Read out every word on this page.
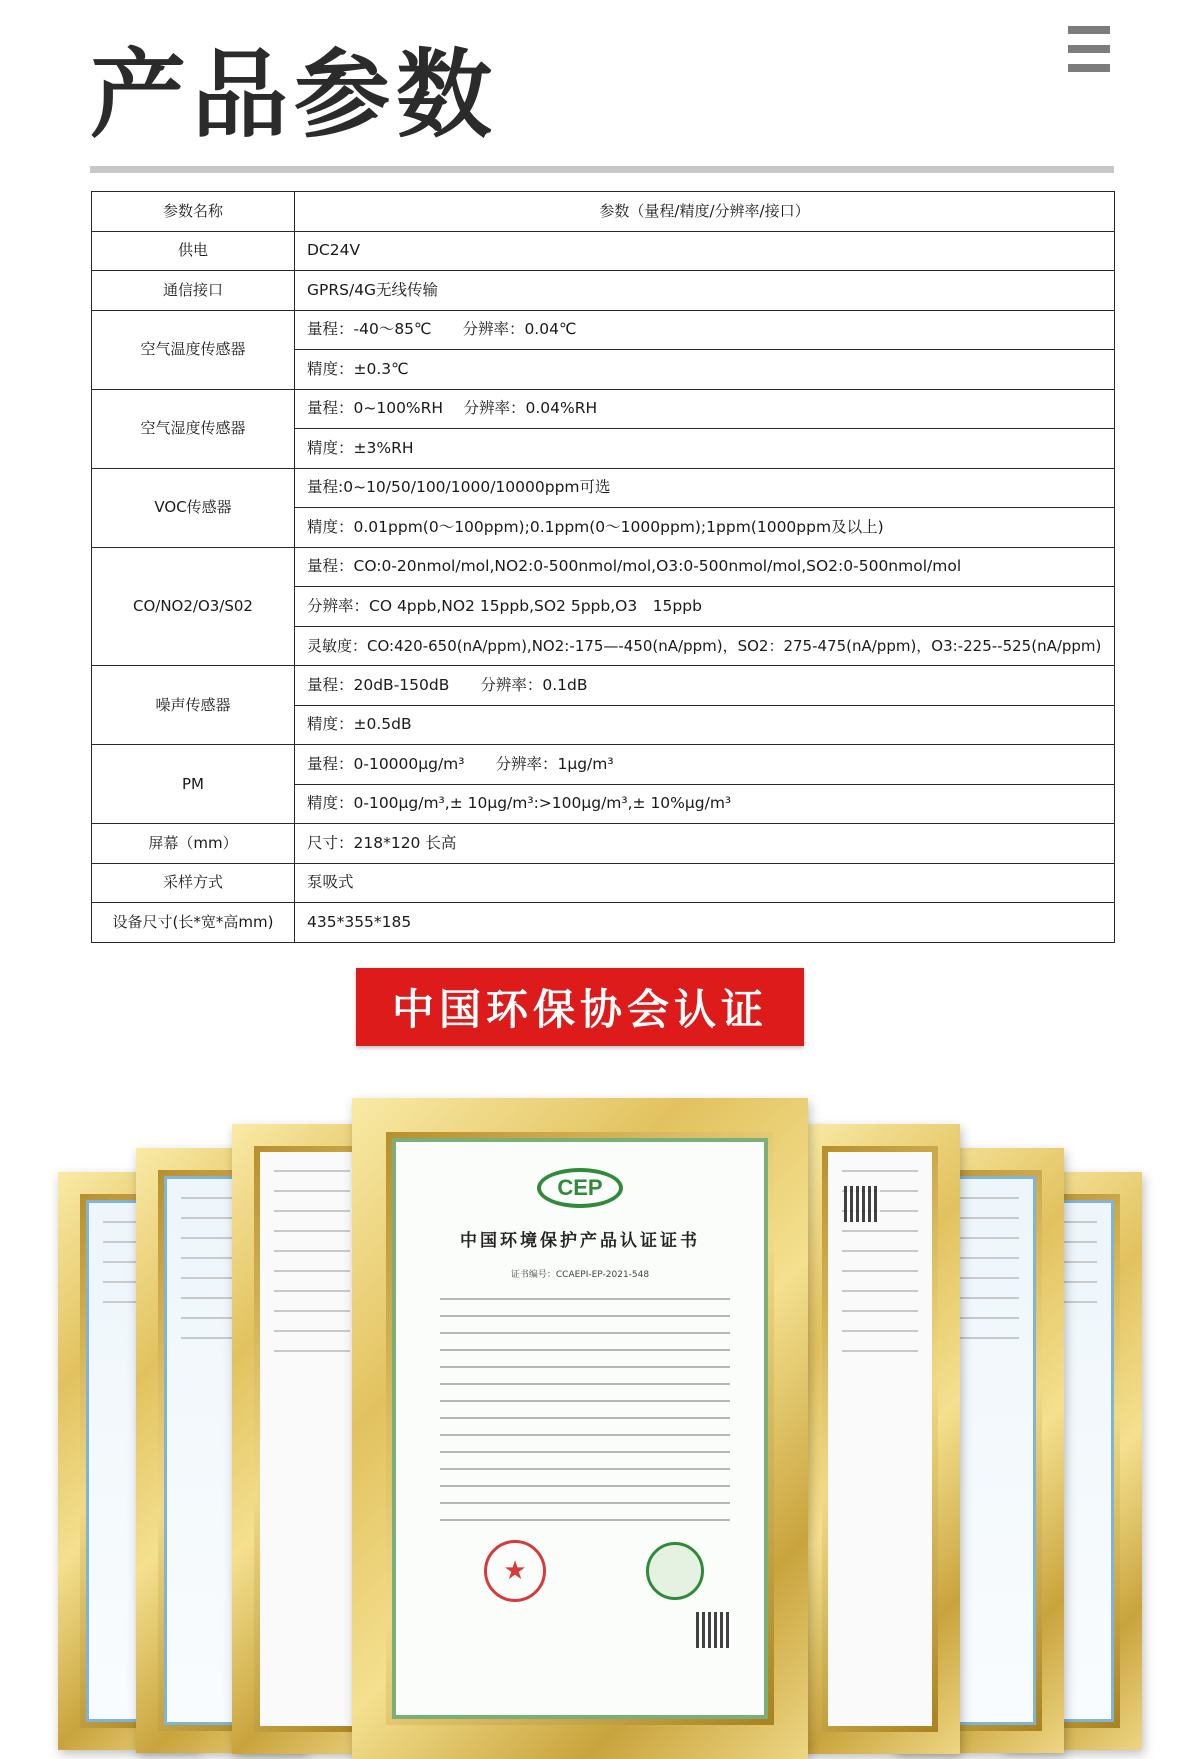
产品参数
参数名称	参数（量程/精度/分辨率/接口）
供电	DC24V
通信接口	GPRS/4G无线传输
空气温度传感器	量程：-40～85℃　　分辨率：0.04℃
	精度：±0.3℃
空气湿度传感器	量程：0~100%RH　 分辨率：0.04%RH
	精度：±3%RH
VOC传感器	量程:0~10/50/100/1000/10000ppm可选
	精度：0.01ppm(0～100ppm);0.1ppm(0～1000ppm);1ppm(1000ppm及以上)
CO/NO2/O3/S02	量程：CO:0-20nmol/mol,NO2:0-500nmol/mol,O3:0-500nmol/mol,SO2:0-500nmol/mol
	分辨率：CO 4ppb,NO2 15ppb,SO2 5ppb,O3　15ppb
	灵敏度：CO:420-650(nA/ppm),NO2:-175—-450(nA/ppm)，SO2：275-475(nA/ppm)，O3:-225--525(nA/ppm)
噪声传感器	量程：20dB-150dB　　分辨率：0.1dB
	精度：±0.5dB
PM	量程：0-10000μg/m³　　分辨率：1μg/m³
	精度：0-100μg/m³,± 10μg/m³:>100μg/m³,± 10%μg/m³
屏幕（mm）	尺寸：218*120 长高
采样方式	泵吸式
设备尺寸(长*宽*高mm)	435*355*185
中国环保协会认证
CEP
中国环境保护产品认证证书
证书编号：CCAEPI-EP-2021-548
★
